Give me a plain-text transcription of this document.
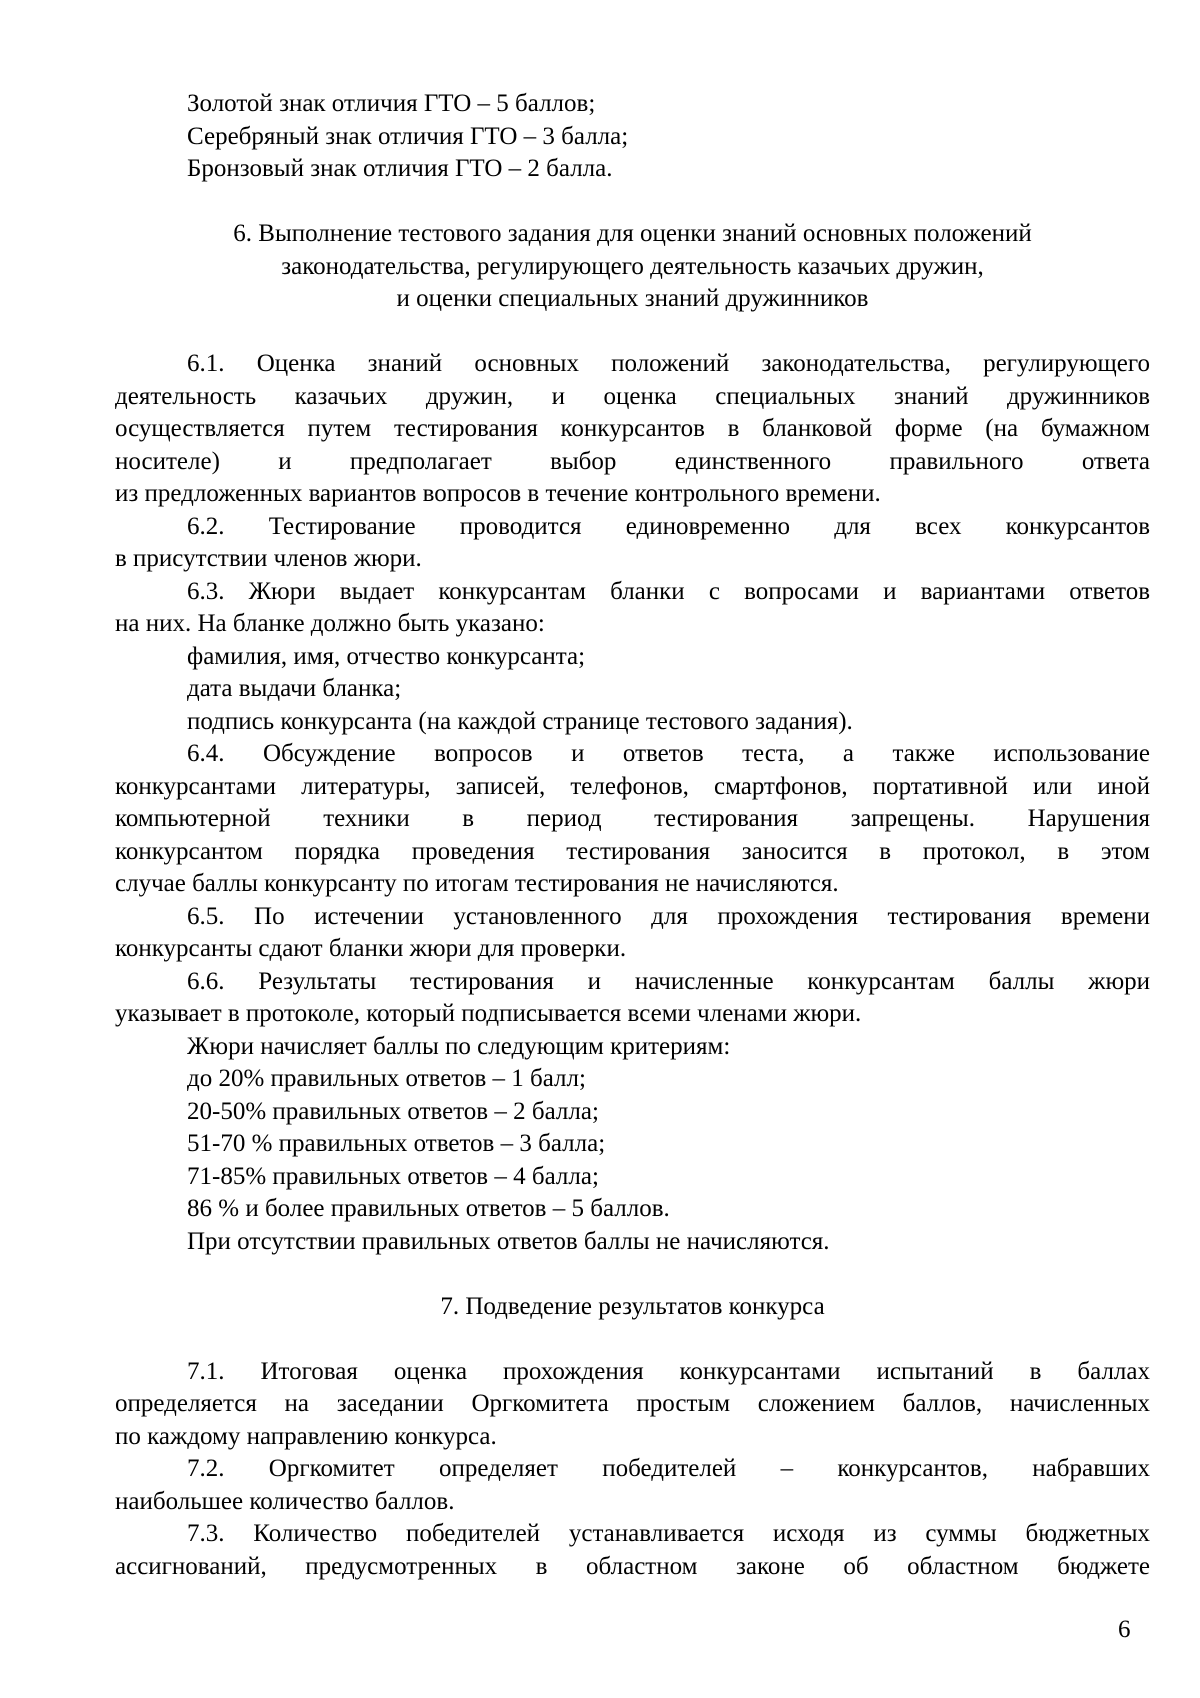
Золотой знак отличия ГТО – 5 баллов;
Серебряный знак отличия ГТО – 3 балла;
Бронзовый знак отличия ГТО – 2 балла.
6. Выполнение тестового задания для оценки знаний основных положений
законодательства, регулирующего деятельность казачьих дружин,
и оценки специальных знаний дружинников
6.1. Оценка знаний основных положений законодательства, регулирующего
деятельность казачьих дружин, и оценка специальных знаний дружинников
осуществляется путем тестирования конкурсантов в бланковой форме (на бумажном
носителе) и предполагает выбор единственного правильного ответа
из предложенных вариантов вопросов в течение контрольного времени.
6.2. Тестирование проводится единовременно для всех конкурсантов
в присутствии членов жюри.
6.3. Жюри выдает конкурсантам бланки с вопросами и вариантами ответов
на них. На бланке должно быть указано:
фамилия, имя, отчество конкурсанта;
дата выдачи бланка;
подпись конкурсанта (на каждой странице тестового задания).
6.4. Обсуждение вопросов и ответов теста, а также использование
конкурсантами литературы, записей, телефонов, смартфонов, портативной или иной
компьютерной техники в период тестирования запрещены. Нарушения
конкурсантом порядка проведения тестирования заносится в протокол, в этом
случае баллы конкурсанту по итогам тестирования не начисляются.
6.5. По истечении установленного для прохождения тестирования времени
конкурсанты сдают бланки жюри для проверки.
6.6. Результаты тестирования и начисленные конкурсантам баллы жюри
указывает в протоколе, который подписывается всеми членами жюри.
Жюри начисляет баллы по следующим критериям:
до 20% правильных ответов – 1 балл;
20-50% правильных ответов – 2 балла;
51-70 % правильных ответов – 3 балла;
71-85% правильных ответов – 4 балла;
86 % и более правильных ответов – 5 баллов.
При отсутствии правильных ответов баллы не начисляются.
7. Подведение результатов конкурса
7.1. Итоговая оценка прохождения конкурсантами испытаний в баллах
определяется на заседании Оргкомитета простым сложением баллов, начисленных
по каждому направлению конкурса.
7.2. Оргкомитет определяет победителей – конкурсантов, набравших
наибольшее количество баллов.
7.3. Количество победителей устанавливается исходя из суммы бюджетных
ассигнований, предусмотренных в областном законе об областном бюджете
6
